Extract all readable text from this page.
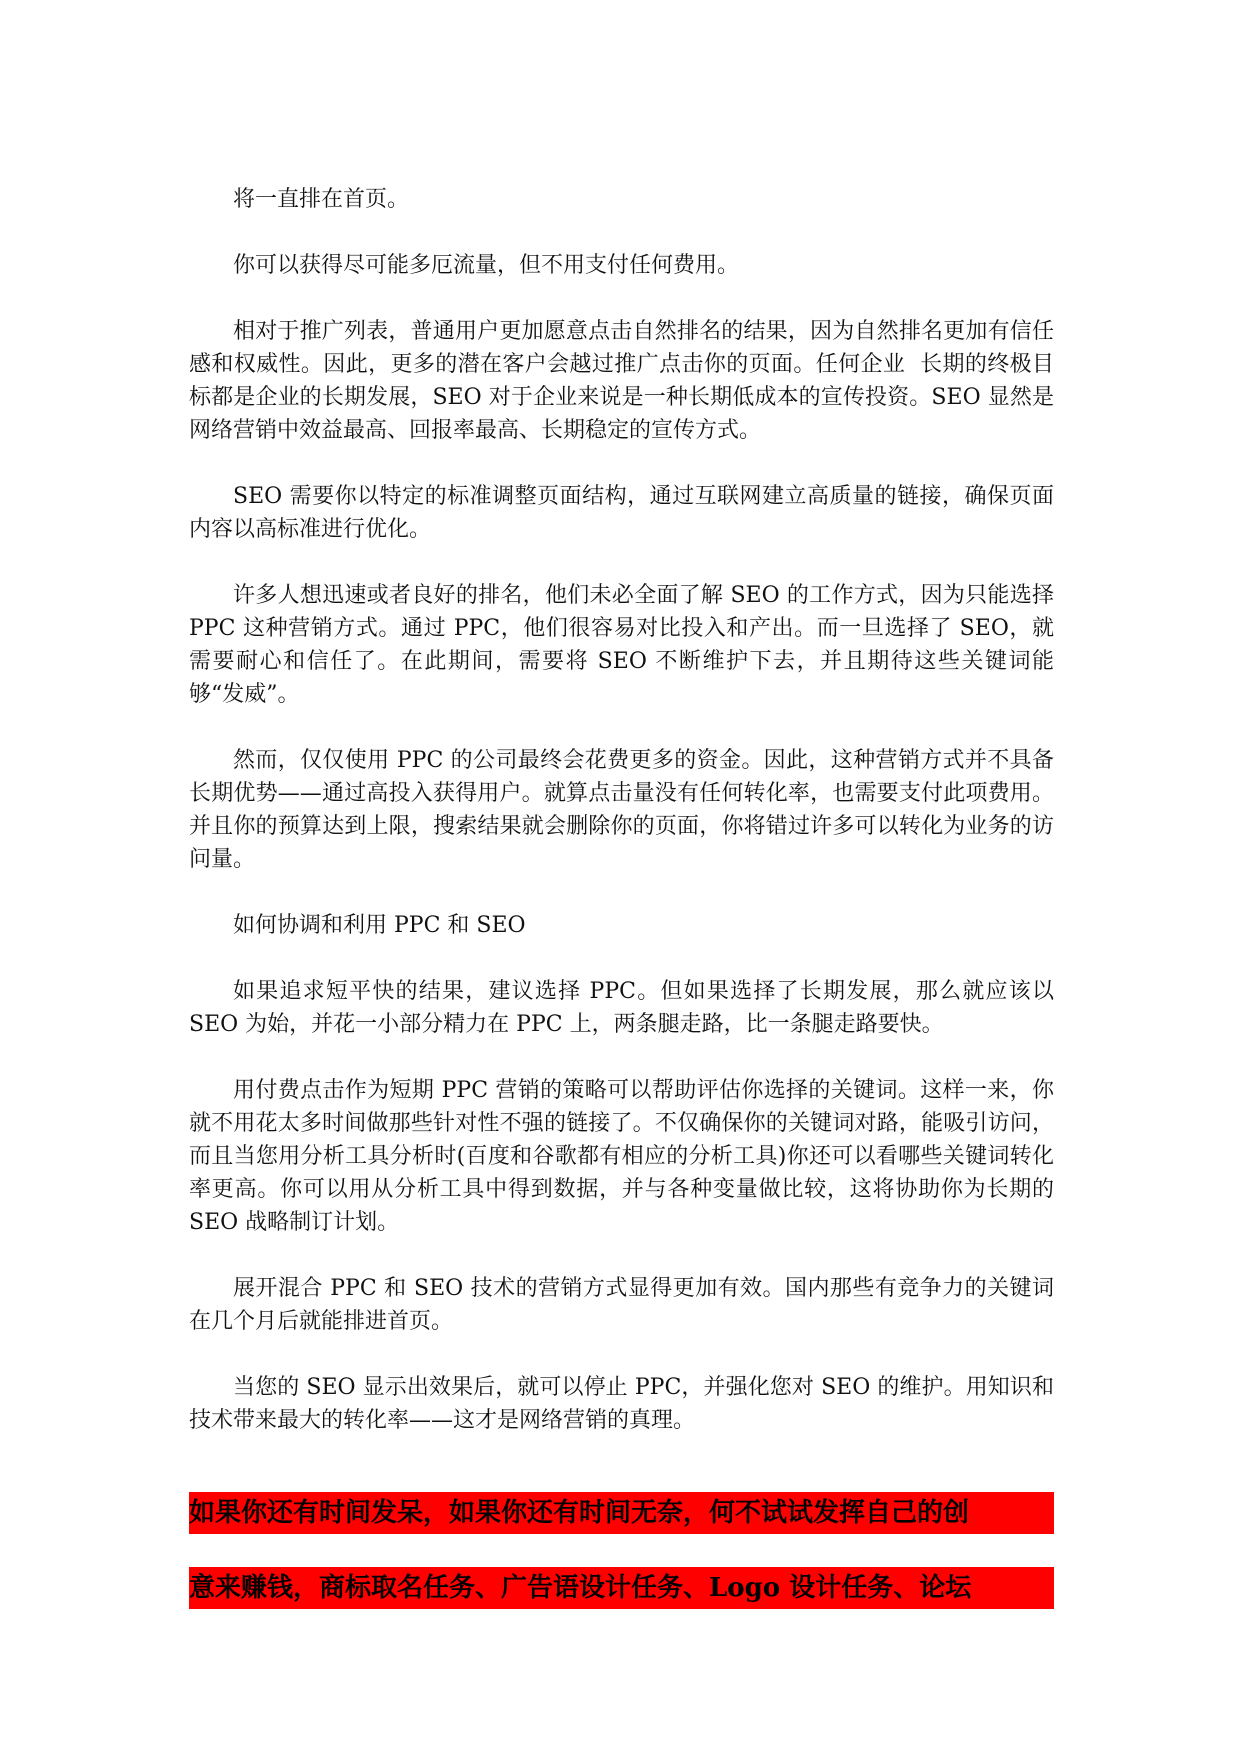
将一直排在首页。

你可以获得尽可能多厄流量，但不用支付任何费用。

相对于推广列表，普通用户更加愿意点击自然排名的结果，因为自然排名更加有信任感和权威性。因此，更多的潜在客户会越过推广点击你的页面。任何企业  长期的终极目标都是企业的长期发展，SEO 对于企业来说是一种长期低成本的宣传投资。SEO 显然是网络营销中效益最高、回报率最高、长期稳定的宣传方式。

SEO 需要你以特定的标准调整页面结构，通过互联网建立高质量的链接，确保页面内容以高标准进行优化。

许多人想迅速或者良好的排名，他们未必全面了解 SEO 的工作方式，因为只能选择 PPC 这种营销方式。通过 PPC，他们很容易对比投入和产出。而一旦选择了 SEO，就需要耐心和信任了。在此期间，需要将 SEO 不断维护下去，并且期待这些关键词能够“发威”。

然而，仅仅使用 PPC 的公司最终会花费更多的资金。因此，这种营销方式并不具备长期优势——通过高投入获得用户。就算点击量没有任何转化率，也需要支付此项费用。并且你的预算达到上限，搜索结果就会删除你的页面，你将错过许多可以转化为业务的访问量。

如何协调和利用 PPC 和 SEO

如果追求短平快的结果，建议选择 PPC。但如果选择了长期发展，那么就应该以 SEO 为始，并花一小部分精力在 PPC 上，两条腿走路，比一条腿走路要快。

用付费点击作为短期 PPC 营销的策略可以帮助评估你选择的关键词。这样一来，你就不用花太多时间做那些针对性不强的链接了。不仅确保你的关键词对路，能吸引访问，而且当您用分析工具分析时(百度和谷歌都有相应的分析工具)你还可以看哪些关键词转化率更高。你可以用从分析工具中得到数据，并与各种变量做比较，这将协助你为长期的 SEO 战略制订计划。

展开混合 PPC 和 SEO 技术的营销方式显得更加有效。国内那些有竞争力的关键词在几个月后就能排进首页。

当您的 SEO 显示出效果后，就可以停止 PPC，并强化您对 SEO 的维护。用知识和技术带来最大的转化率——这才是网络营销的真理。

如果你还有时间发呆，如果你还有时间无奈，何不试试发挥自己的创
意来赚钱，商标取名任务、广告语设计任务、Logo 设计任务、论坛
